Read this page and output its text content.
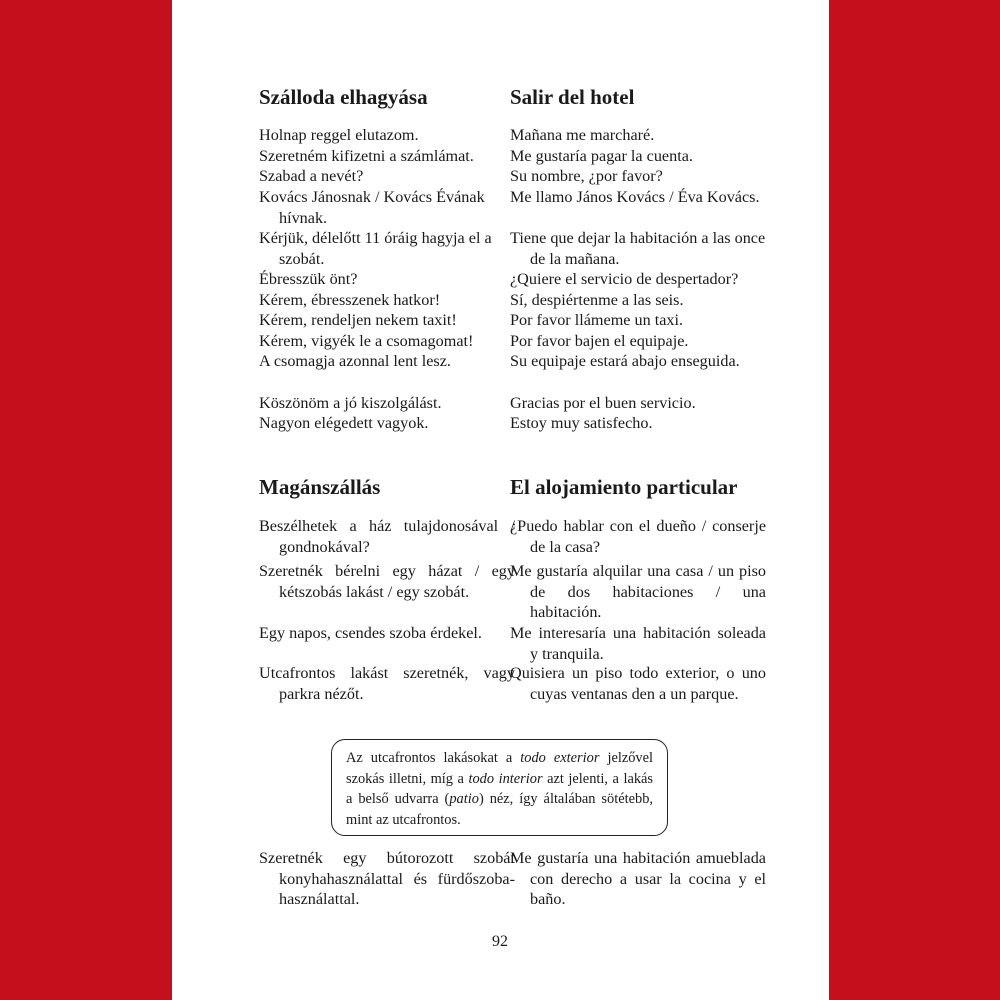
Szálloda elhagyása	Salir del hotel

Holnap reggel elutazom.

Szeretném kifizetni a számlámat.

Szabad a nevét?

Kovács Jánosnak / Kovács Évának hívnak.

Kérjük, délelőtt 11 óráig hagyja el a szobát.

Ébresszük önt?

Kérem, ébresszenek hatkor!

Kérem, rendeljen nekem taxit!

Kérem, vigyék le a csomagomat!

A csomagja azonnal lent lesz.

Köszönöm a jó kiszolgálást.

Nagyon elégedett vagyok.

Mañana me marcharé.

Me gustaría pagar la cuenta.

Su nombre, ¿por favor?

Me llamo János Kovács / Éva Kovács.

Tiene que dejar la habitación a las once de la mañana.

¿Quiere el servicio de despertador?

Sí, despiértenme a las seis.

Por favor llámeme un taxi.

Por favor bajen el equipaje.

Su equipaje estará abajo enseguida.

Gracias por el buen servicio.

Estoy muy satisfecho.

Magánszállás	El alojamiento particular

Beszélhetek a ház tulajdonosával / gondnokával?

Szeretnék bérelni egy házat / egy kétszobás lakást / egy szobát.

Egy napos, csendes szoba érdekel.

Utcafrontos lakást szeretnék, vagy parkra nézőt.

¿Puedo hablar con el dueño / conserje de la casa?

Me gustaría alquilar una casa / un piso de dos habitaciones / una habitación.

Me interesaría una habitación soleada y tranquila.

Quisiera un piso todo exterior, o uno cuyas ventanas den a un parque.

Az utcafrontos lakásokat a todo exterior jelzővel szokás illetni, míg a todo interior azt jelenti, a lakás a belső udvarra (patio) néz, így általában sötétebb, mint az utcafrontos.

Szeretnék egy bútorozott szobát konyhahasználattal és fürdőszoba-használattal.

Me gustaría una habitación amueblada con derecho a usar la cocina y el baño.

92
